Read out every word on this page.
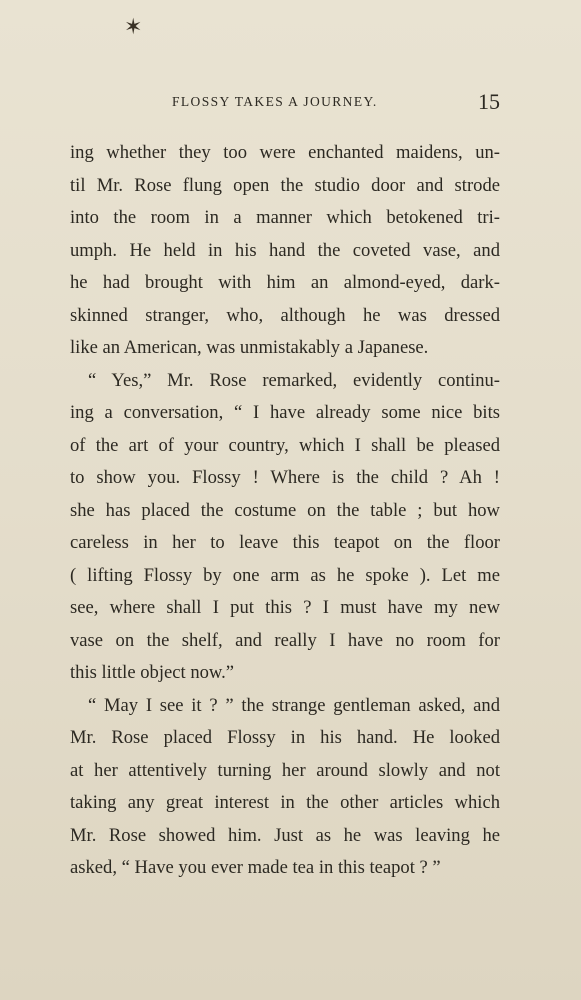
✶
FLOSSY TAKES A JOURNEY.	15
ing whether they too were enchanted maidens, un-
til Mr. Rose flung open the studio door and strode
into the room in a manner which betokened tri-
umph. He held in his hand the coveted vase, and
he had brought with him an almond-eyed, dark-
skinned stranger, who, although he was dressed
like an American, was unmistakably a Japanese.
“ Yes,” Mr. Rose remarked, evidently continu-
ing a conversation, “ I have already some nice bits
of the art of your country, which I shall be pleased
to show you. Flossy ! Where is the child ? Ah !
she has placed the costume on the table ; but how
careless in her to leave this teapot on the floor
( lifting Flossy by one arm as he spoke ). Let me
see, where shall I put this ? I must have my new
vase on the shelf, and really I have no room for
this little object now.”
“ May I see it ? ” the strange gentleman asked, and
Mr. Rose placed Flossy in his hand. He looked
at her attentively turning her around slowly and not
taking any great interest in the other articles which
Mr. Rose showed him. Just as he was leaving he
asked, “ Have you ever made tea in this teapot ? ”
